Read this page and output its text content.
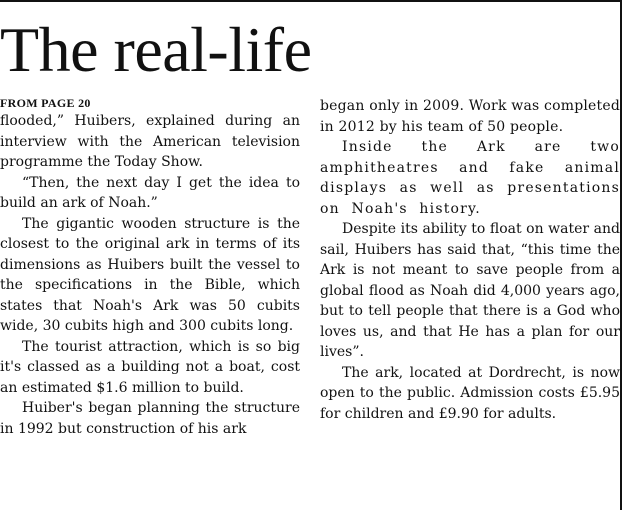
The real-life
FROM PAGE 20

flooded,” Huibers, explained during an interview with the American television programme the Today Show.

“Then, the next day I get the idea to build an ark of Noah.”

The gigantic wooden structure is the closest to the original ark in terms of its dimensions as Huibers built the vessel to the specifications in the Bible, which states that Noah's Ark was 50 cubits wide, 30 cubits high and 300 cubits long.

The tourist attraction, which is so big it's classed as a building not a boat, cost an estimated $1.6 million to build.

Huiber's began planning the structure in 1992 but construction of his ark

began only in 2009. Work was completed in 2012 by his team of 50 people.

Inside the Ark are two amphitheatres and fake animal displays as well as presentations on Noah's history.

Despite its ability to float on water and sail, Huibers has said that, “this time the Ark is not meant to save people from a global flood as Noah did 4,000 years ago, but to tell people that there is a God who loves us, and that He has a plan for our lives”.

The ark, located at Dordrecht, is now open to the public. Admission costs £5.95 for children and £9.90 for adults.
